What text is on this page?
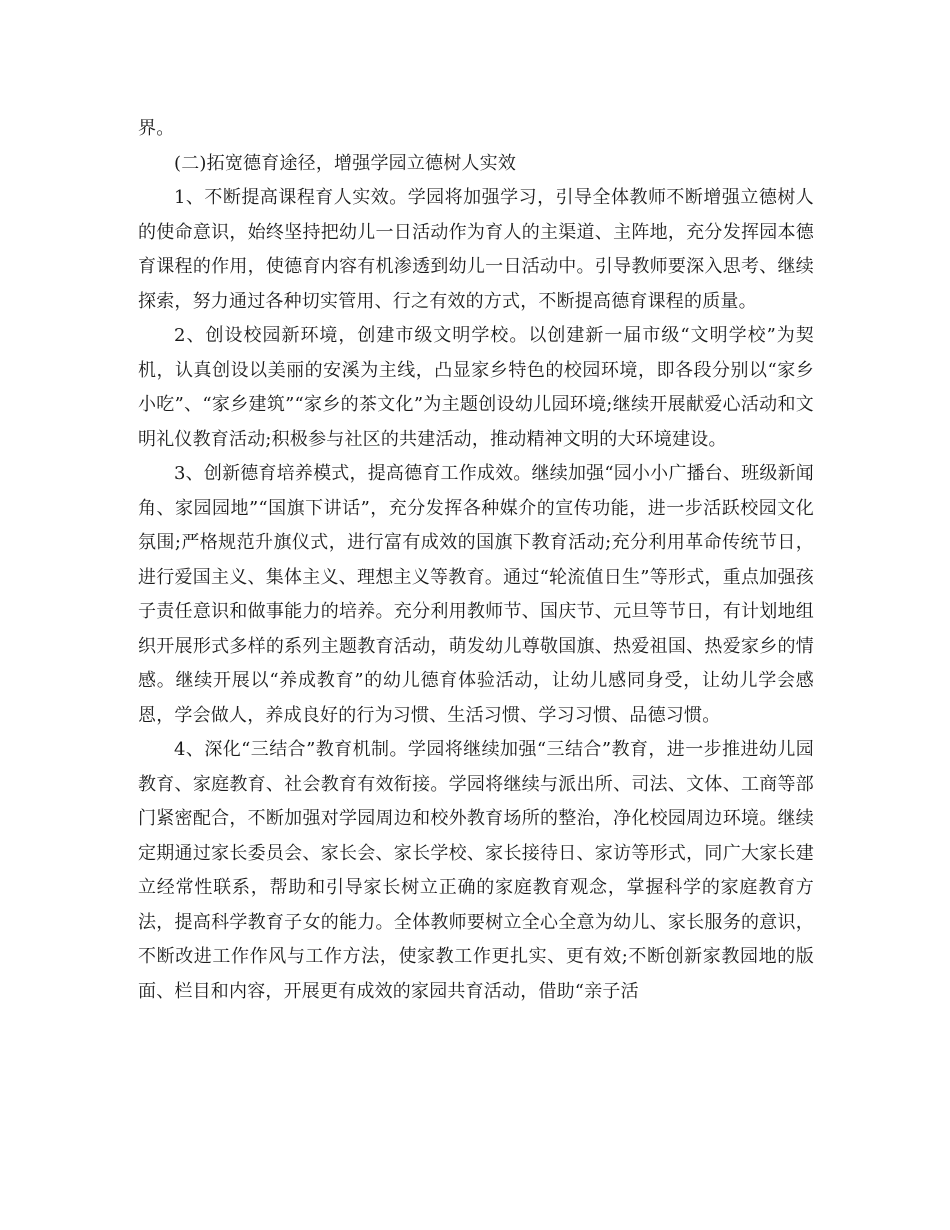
界。

(二)拓宽德育途径，增强学园立德树人实效

1、不断提高课程育人实效。学园将加强学习，引导全体教师不断增强立德树人的使命意识，始终坚持把幼儿一日活动作为育人的主渠道、主阵地，充分发挥园本德育课程的作用，使德育内容有机渗透到幼儿一日活动中。引导教师要深入思考、继续探索，努力通过各种切实管用、行之有效的方式，不断提高德育课程的质量。

2、创设校园新环境，创建市级文明学校。以创建新一届市级“文明学校”为契机，认真创设以美丽的安溪为主线，凸显家乡特色的校园环境，即各段分别以“家乡小吃”、“家乡建筑”“家乡的茶文化”为主题创设幼儿园环境;继续开展献爱心活动和文明礼仪教育活动;积极参与社区的共建活动，推动精神文明的大环境建设。

3、创新德育培养模式，提高德育工作成效。继续加强“园小小广播台、班级新闻角、家园园地”“国旗下讲话”，充分发挥各种媒介的宣传功能，进一步活跃校园文化氛围;严格规范升旗仪式，进行富有成效的国旗下教育活动;充分利用革命传统节日，进行爱国主义、集体主义、理想主义等教育。通过“轮流值日生”等形式，重点加强孩子责任意识和做事能力的培养。充分利用教师节、国庆节、元旦等节日，有计划地组织开展形式多样的系列主题教育活动，萌发幼儿尊敬国旗、热爱祖国、热爱家乡的情感。继续开展以“养成教育”的幼儿德育体验活动，让幼儿感同身受，让幼儿学会感恩，学会做人，养成良好的行为习惯、生活习惯、学习习惯、品德习惯。

4、深化“三结合”教育机制。学园将继续加强“三结合”教育，进一步推进幼儿园教育、家庭教育、社会教育有效衔接。学园将继续与派出所、司法、文体、工商等部门紧密配合，不断加强对学园周边和校外教育场所的整治，净化校园周边环境。继续定期通过家长委员会、家长会、家长学校、家长接待日、家访等形式，同广大家长建立经常性联系，帮助和引导家长树立正确的家庭教育观念，掌握科学的家庭教育方法，提高科学教育子女的能力。全体教师要树立全心全意为幼儿、家长服务的意识，不断改进工作作风与工作方法，使家教工作更扎实、更有效;不断创新家教园地的版面、栏目和内容，开展更有成效的家园共育活动，借助“亲子活
